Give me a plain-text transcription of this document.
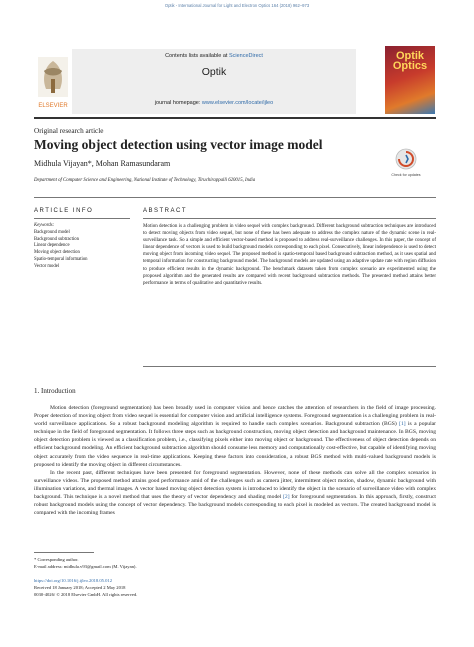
Optik - International Journal for Light and Electron Optics 164 (2018) 962–973
ELSEVIER
Contents lists available at ScienceDirect
Optik
journal homepage: www.elsevier.com/locate/ijleo
Optik Optics
Original research article
Moving object detection using vector image model
Midhula Vijayan*, Mohan Ramasundaram
Department of Computer Science and Engineering, National Institute of Technology, Tiruchirappalli 620015, India
Check for updates
ARTICLE INFO	ABSTRACT
Keywords:
Background model
Background subtraction
Linear dependence
Moving object detection
Spatio-temporal information
Vector model
Motion detection is a challenging problem in video sequel with complex background. Different background subtraction techniques are introduced to detect moving objects from video sequel, but none of these has been adequate to address the complex nature of the dynamic scene in real-surveillance task. So a simple and efficient vector-based method is proposed to address real-surveillance challenges. In this paper, the concept of linear dependence of vectors is used to build background models corresponding to each pixel. Consecutively, linear independence is used to detect moving object from incoming video sequel. The proposed method is spatio-temporal based background subtraction method, as it uses spatial and temporal information for constructing background model. The background models are updated using an adaptive update rate with region diffusion to produce efficient results in the dynamic background. The benchmark datasets taken from complex scenario are experimented using the proposed algorithm and the generated results are compared with recent background subtraction methods. The presented method attains better performance in terms of qualitative and quantitative results.
1. Introduction

Motion detection (foreground segmentation) has been broadly used in computer vision and hence catches the attention of researchers in the field of image processing. Proper detection of moving object from video sequel is essential for computer vision and artificial intelligence systems. Foreground segmentation is a challenging problem in real-world surveillance applications. So a robust background modeling algorithm is required to handle such complex scenarios. Background subtraction (BGS) [1] is a popular technique in the field of foreground segmentation. It follows three steps such as background construction, moving object detection and background maintenance. In BGS, moving object detection problem is viewed as a classification problem, i.e., classifying pixels either into moving object or background. The effectiveness of object detection depends on efficient background modeling. An efficient background subtraction algorithm should consume less memory and computationally cost-effective, but capable of identifying moving object accurately from the video sequence in real-time applications. Keeping these factors into consideration, a robust BGS method with multi-valued background models is proposed to identify the moving object in different circumstances.

In the recent past, different techniques have been presented for foreground segmentation. However, none of these methods can solve all the complex scenarios in surveillance videos. The proposed method attains good performance amid of the challenges such as camera jitter, intermittent object motion, shadow, dynamic background with illumination variations, and thermal images. A vector based moving object detection system is introduced to identify the object in the scenario of surveillance video with complex background. This technique is a novel method that uses the theory of vector dependency and shading model [2] for foreground segmentation. In this approach, firstly, construct robust background models using the concept of vector dependency. The background models corresponding to each pixel is modeled as vectors. The created background model is compared with the incoming frames

* Corresponding author.
E-mail address: midhula.v93@gmail.com (M. Vijayan).
https://doi.org/10.1016/j.ijleo.2018.05.012
Received 18 January 2018; Accepted 2 May 2018
0030-4026/ © 2018 Elsevier GmbH. All rights reserved.
